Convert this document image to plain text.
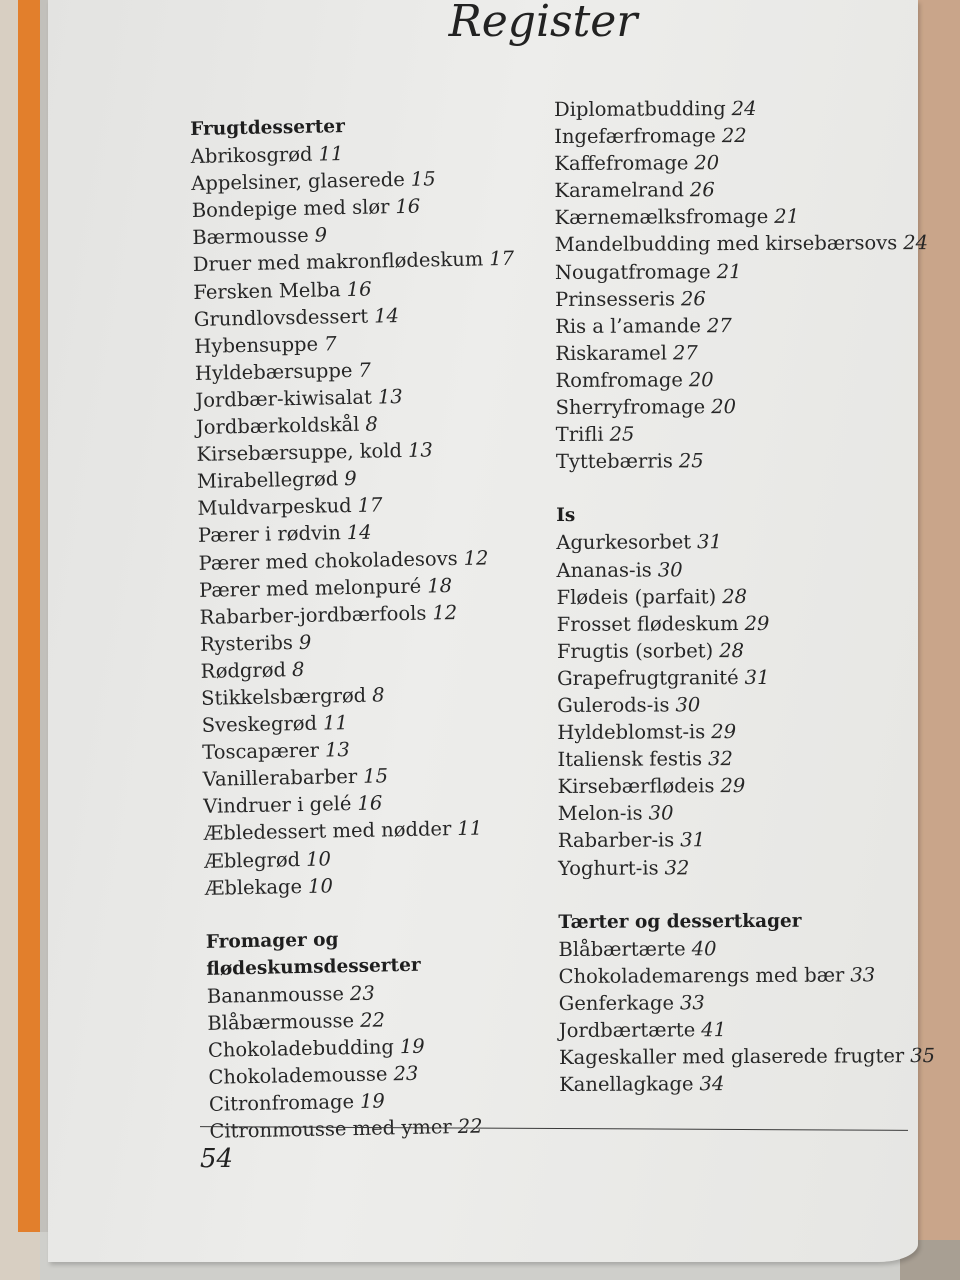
Register
Frugtdesserter
Abrikosgrød 11
Appelsiner, glaserede 15
Bondepige med slør 16
Bærmousse 9
Druer med makronflødeskum 17
Fersken Melba 16
Grundlovsdessert 14
Hybensuppe 7
Hyldebærsuppe 7
Jordbær-kiwisalat 13
Jordbærkoldskål 8
Kirsebærsuppe, kold 13
Mirabellegrød 9
Muldvarpeskud 17
Pærer i rødvin 14
Pærer med chokoladesovs 12
Pærer med melonpuré 18
Rabarber-jordbærfools 12
Rysteribs 9
Rødgrød 8
Stikkelsbærgrød 8
Sveskegrød 11
Toscapærer 13
Vanillerabarber 15
Vindruer i gelé 16
Æbledessert med nødder 11
Æblegrød 10
Æblekage 10
Fromager og flødeskumsdesserter
Bananmousse 23
Blåbærmousse 22
Chokoladebudding 19
Chokolademousse 23
Citronfromage 19
Citronmousse med ymer 22
Diplomatbudding 24
Ingefærfromage 22
Kaffefromage 20
Karamelrand 26
Kærnemælksfromage 21
Mandelbudding med kirsebærsovs 24
Nougatfromage 21
Prinsesseris 26
Ris a l’amande 27
Riskaramel 27
Romfromage 20
Sherryfromage 20
Trifli 25
Tyttebærris 25
Is
Agurkesorbet 31
Ananas-is 30
Flødeis (parfait) 28
Frosset flødeskum 29
Frugtis (sorbet) 28
Grapefrugtgranité 31
Gulerods-is 30
Hyldeblomst-is 29
Italiensk festis 32
Kirsebærflødeis 29
Melon-is 30
Rabarber-is 31
Yoghurt-is 32
Tærter og dessertkager
Blåbærtærte 40
Chokolademarengs med bær 33
Genferkage 33
Jordbærtærte 41
Kageskaller med glaserede frugter 35
Kanellagkage 34
54
